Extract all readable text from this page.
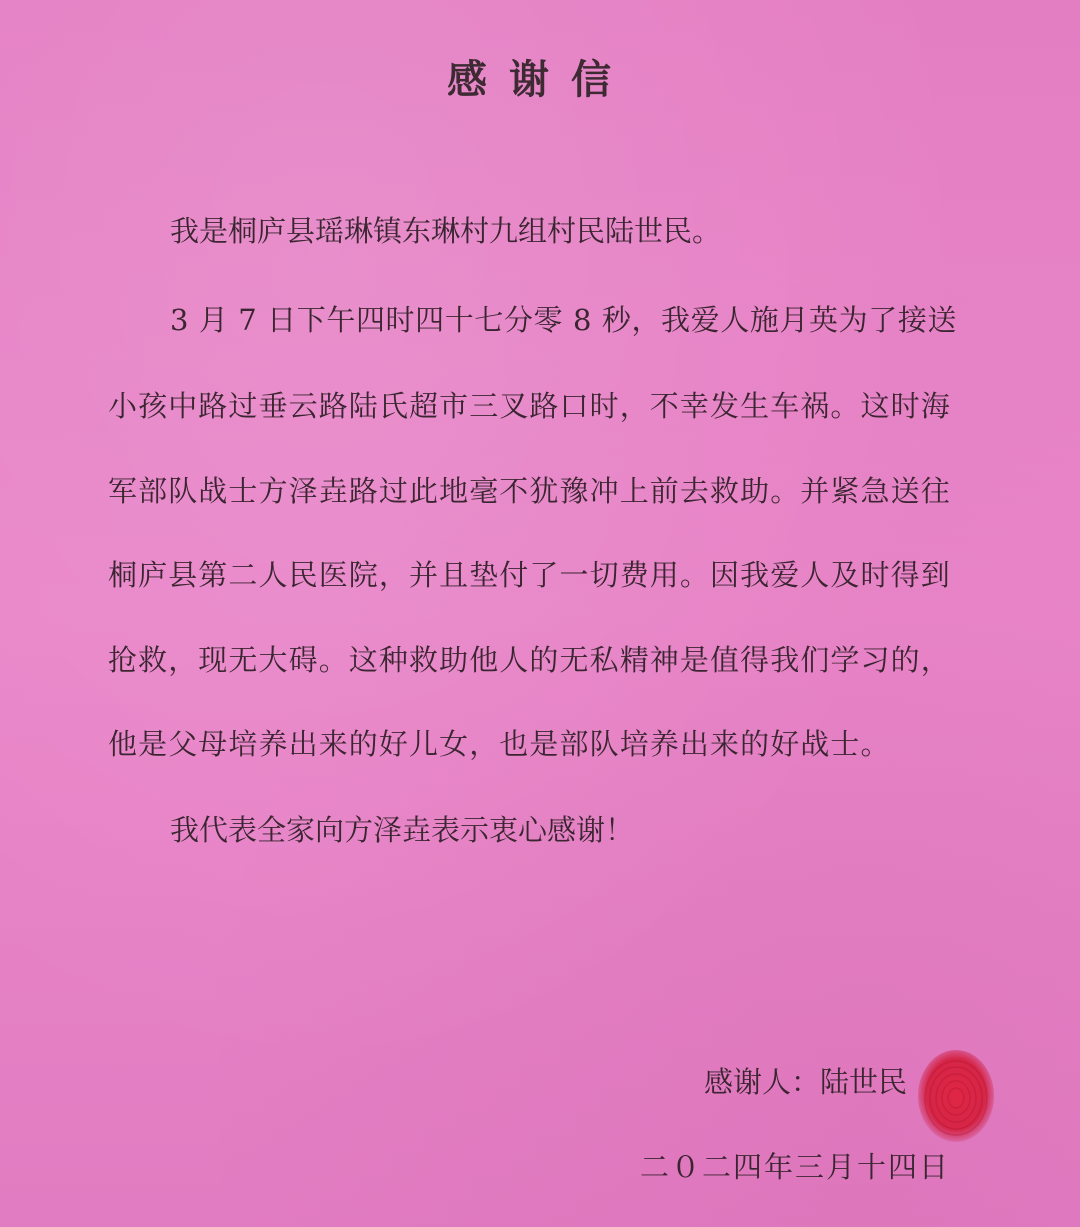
感谢信
我是桐庐县瑶琳镇东琳村九组村民陆世民。
3 月 7 日下午四时四十七分零 8 秒，我爱人施月英为了接送
小孩中路过垂云路陆氏超市三叉路口时，不幸发生车祸。这时海
军部队战士方泽垚路过此地毫不犹豫冲上前去救助。并紧急送往
桐庐县第二人民医院，并且垫付了一切费用。因我爱人及时得到
抢救，现无大碍。这种救助他人的无私精神是值得我们学习的，
他是父母培养出来的好儿女，也是部队培养出来的好战士。
我代表全家向方泽垚表示衷心感谢！
感谢人：陆世民
二０二四年三月十四日
